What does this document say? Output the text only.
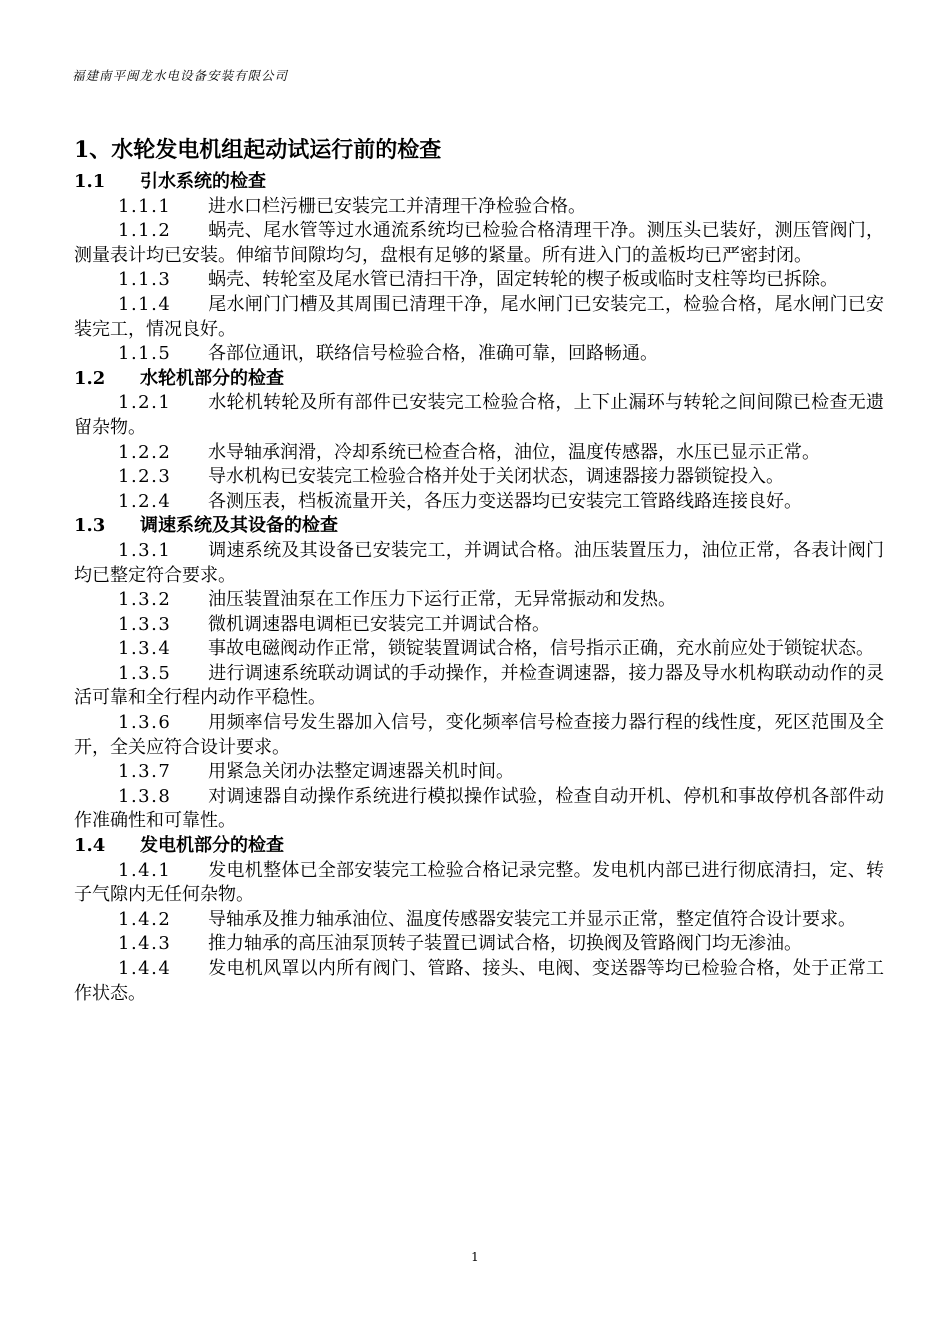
福建南平闽龙水电设备安装有限公司
1、水轮发电机组起动试运行前的检查
1.1 引水系统的检查

1.1.1 进水口栏污栅已安装完工并清理干净检验合格。

1.1.2 蜗壳、尾水管等过水通流系统均已检验合格清理干净。测压头已装好，测压管阀门，测量表计均已安装。伸缩节间隙均匀，盘根有足够的紧量。所有进入门的盖板均已严密封闭。

1.1.3 蜗壳、转轮室及尾水管已清扫干净，固定转轮的楔子板或临时支柱等均已拆除。

1.1.4 尾水闸门门槽及其周围已清理干净，尾水闸门已安装完工，检验合格，尾水闸门已安装完工，情况良好。

1.1.5 各部位通讯，联络信号检验合格，准确可靠，回路畅通。

1.2 水轮机部分的检查

1.2.1 水轮机转轮及所有部件已安装完工检验合格，上下止漏环与转轮之间间隙已检查无遗留杂物。

1.2.2 水导轴承润滑，冷却系统已检查合格，油位，温度传感器，水压已显示正常。

1.2.3 导水机构已安装完工检验合格并处于关闭状态，调速器接力器锁锭投入。

1.2.4 各测压表，档板流量开关，各压力变送器均已安装完工管路线路连接良好。

1.3 调速系统及其设备的检查

1.3.1 调速系统及其设备已安装完工，并调试合格。油压装置压力，油位正常，各表计阀门均已整定符合要求。

1.3.2 油压装置油泵在工作压力下运行正常，无异常振动和发热。

1.3.3 微机调速器电调柜已安装完工并调试合格。

1.3.4 事故电磁阀动作正常，锁锭装置调试合格，信号指示正确，充水前应处于锁锭状态。

1.3.5 进行调速系统联动调试的手动操作，并检查调速器，接力器及导水机构联动动作的灵活可靠和全行程内动作平稳性。

1.3.6 用频率信号发生器加入信号，变化频率信号检查接力器行程的线性度，死区范围及全开，全关应符合设计要求。

1.3.7 用紧急关闭办法整定调速器关机时间。

1.3.8 对调速器自动操作系统进行模拟操作试验，检查自动开机、停机和事故停机各部件动作准确性和可靠性。

1.4 发电机部分的检查

1.4.1 发电机整体已全部安装完工检验合格记录完整。发电机内部已进行彻底清扫，定、转子气隙内无任何杂物。

1.4.2 导轴承及推力轴承油位、温度传感器安装完工并显示正常，整定值符合设计要求。

1.4.3 推力轴承的高压油泵顶转子装置已调试合格，切换阀及管路阀门均无渗油。

1.4.4 发电机风罩以内所有阀门、管路、接头、电阀、变送器等均已检验合格，处于正常工作状态。

1
